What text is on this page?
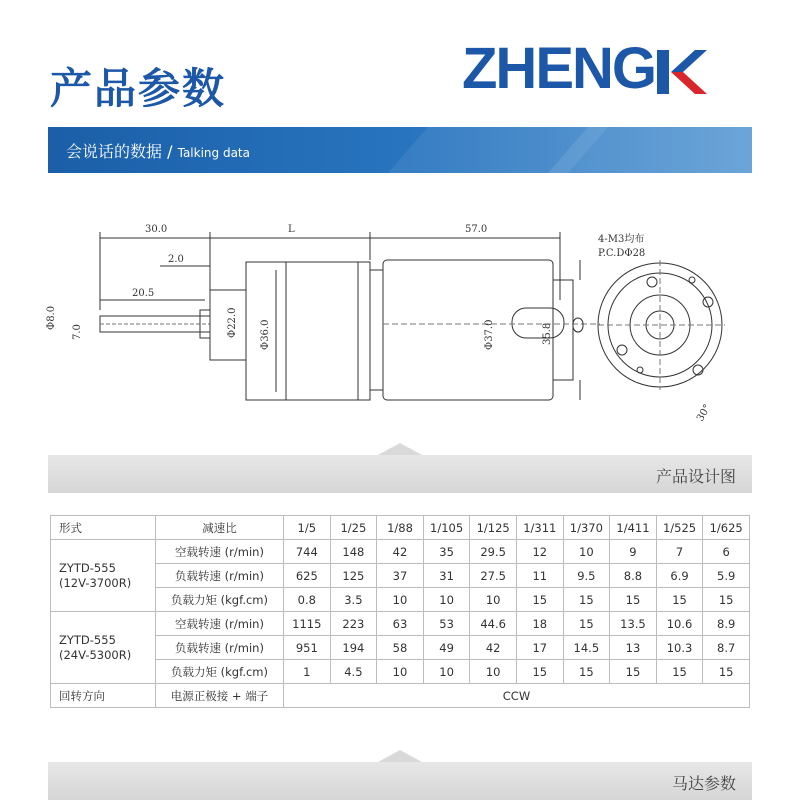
产品参数	ZHENG
会说话的数据 / Talking data
30.0	L	57.0
2.0
20.5
Φ8.0
7.0	Φ22.0 Φ36.0	Φ37.0	35.8
4-M3均布
P.C.DΦ28
30°
产品设计图
形式	减速比	1/5	1/25	1/88	1/105	1/125	1/311	1/370	1/411	1/525	1/625

ZYTD-555
(12V-3700R)	空载转速 (r/min)	744	148	42	35	29.5	12	10	9	7	6
	负载转速 (r/min)	625	125	37	31	27.5	11	9.5	8.8	6.9	5.9
	负载力矩 (kgf.cm)	0.8	3.5	10	10	10	15	15	15	15	15

ZYTD-555
(24V-5300R)	空载转速 (r/min)	1115	223	63	53	44.6	18	15	13.5	10.6	8.9
	负载转速 (r/min)	951	194	58	49	42	17	14.5	13	10.3	8.7
	负载力矩 (kgf.cm)	1	4.5	10	10	10	15	15	15	15	15
回转方向	电源正极接 + 端子	CCW									
马达参数
